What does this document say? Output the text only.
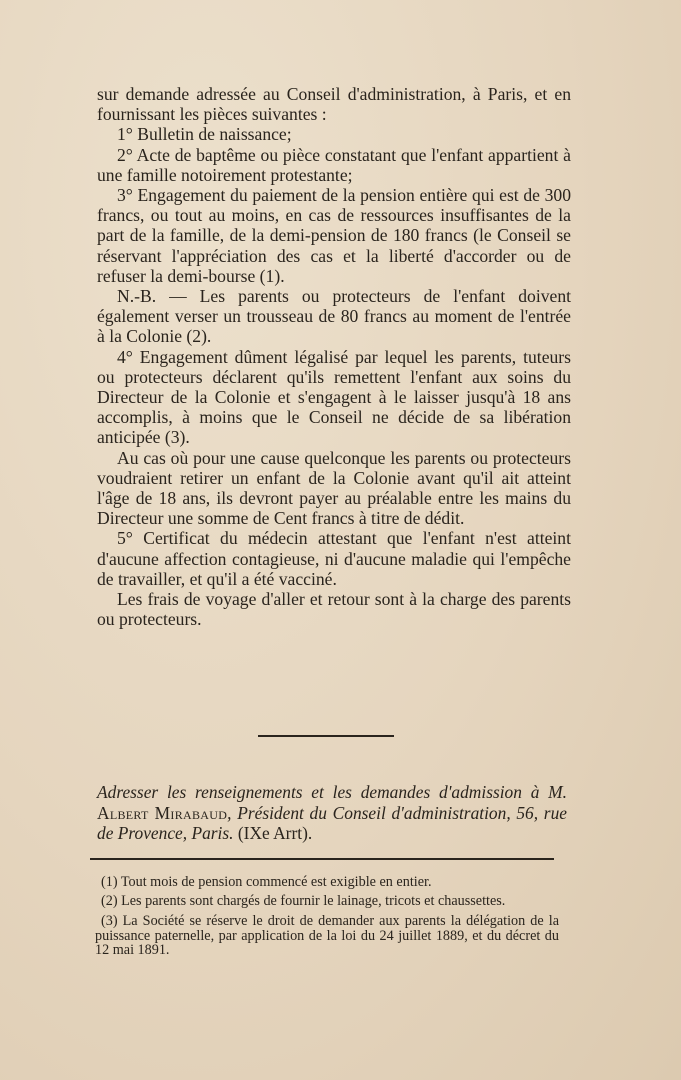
sur demande adressée au Conseil d'administration, à Paris, et en fournissant les pièces suivantes :

1° Bulletin de naissance;

2° Acte de baptême ou pièce constatant que l'enfant appartient à une famille notoirement protestante;

3° Engagement du paiement de la pension entière qui est de 300 francs, ou tout au moins, en cas de ressources insuffisantes de la part de la famille, de la demi-pension de 180 francs (le Conseil se réservant l'appréciation des cas et la liberté d'accorder ou de refuser la demi-bourse (1).

N.-B. — Les parents ou protecteurs de l'enfant doivent également verser un trousseau de 80 francs au moment de l'entrée à la Colonie (2).

4° Engagement dûment légalisé par lequel les parents, tuteurs ou protecteurs déclarent qu'ils remettent l'enfant aux soins du Directeur de la Colonie et s'engagent à le laisser jusqu'à 18 ans accomplis, à moins que le Conseil ne décide de sa libération anticipée (3).

Au cas où pour une cause quelconque les parents ou protecteurs voudraient retirer un enfant de la Colonie avant qu'il ait atteint l'âge de 18 ans, ils devront payer au préalable entre les mains du Directeur une somme de Cent francs à titre de dédit.

5° Certificat du médecin attestant que l'enfant n'est atteint d'aucune affection contagieuse, ni d'aucune maladie qui l'empêche de travailler, et qu'il a été vacciné.

Les frais de voyage d'aller et retour sont à la charge des parents ou protecteurs.

Adresser les renseignements et les demandes d'admission à M. Albert Mirabaud, Président du Conseil d'administration, 56, rue de Provence, Paris. (IXe Arrt).

(1) Tout mois de pension commencé est exigible en entier.

(2) Les parents sont chargés de fournir le lainage, tricots et chaussettes.

(3) La Société se réserve le droit de demander aux parents la délégation de la puissance paternelle, par application de la loi du 24 juillet 1889, et du décret du 12 mai 1891.
